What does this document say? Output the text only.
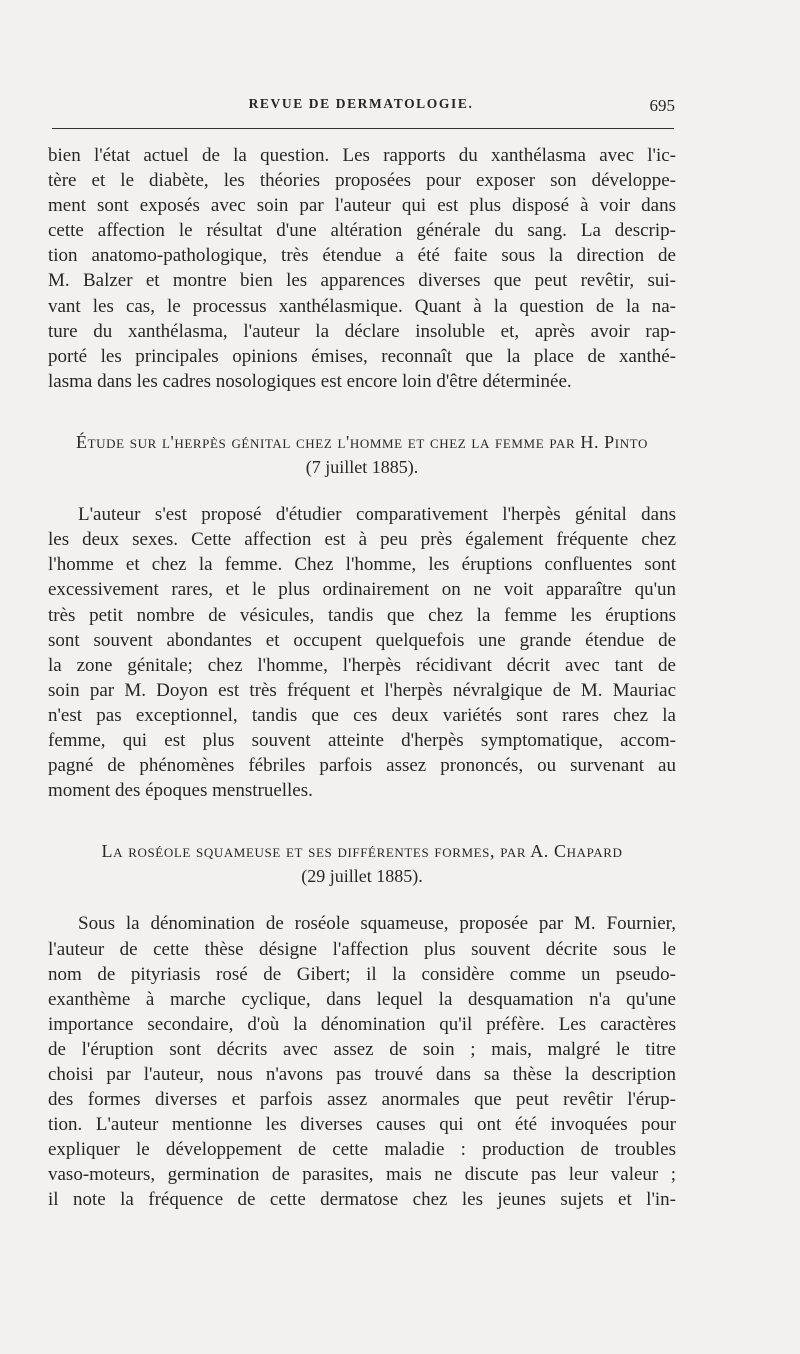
REVUE DE DERMATOLOGIE.	695
bien l'état actuel de la question. Les rapports du xanthélasma avec l'ic-
tère et le diabète, les théories proposées pour exposer son développe-
ment sont exposés avec soin par l'auteur qui est plus disposé à voir dans
cette affection le résultat d'une altération générale du sang. La descrip-
tion anatomo-pathologique, très étendue a été faite sous la direction de
M. Balzer et montre bien les apparences diverses que peut revêtir, sui-
vant les cas, le processus xanthélasmique. Quant à la question de la na-
ture du xanthélasma, l'auteur la déclare insoluble et, après avoir rap-
porté les principales opinions émises, reconnaît que la place de xanthé-
lasma dans les cadres nosologiques est encore loin d'être déterminée.
Étude sur l'herpès génital chez l'homme et chez la femme par H. Pinto
(7 juillet 1885).
L'auteur s'est proposé d'étudier comparativement l'herpès génital dans
les deux sexes. Cette affection est à peu près également fréquente chez
l'homme et chez la femme. Chez l'homme, les éruptions confluentes sont
excessivement rares, et le plus ordinairement on ne voit apparaître qu'un
très petit nombre de vésicules, tandis que chez la femme les éruptions
sont souvent abondantes et occupent quelquefois une grande étendue de
la zone génitale; chez l'homme, l'herpès récidivant décrit avec tant de
soin par M. Doyon est très fréquent et l'herpès névralgique de M. Mauriac
n'est pas exceptionnel, tandis que ces deux variétés sont rares chez la
femme, qui est plus souvent atteinte d'herpès symptomatique, accom-
pagné de phénomènes fébriles parfois assez prononcés, ou survenant au
moment des époques menstruelles.
La roséole squameuse et ses différentes formes, par A. Chapard
(29 juillet 1885).
Sous la dénomination de roséole squameuse, proposée par M. Fournier,
l'auteur de cette thèse désigne l'affection plus souvent décrite sous le
nom de pityriasis rosé de Gibert; il la considère comme un pseudo-
exanthème à marche cyclique, dans lequel la desquamation n'a qu'une
importance secondaire, d'où la dénomination qu'il préfère. Les caractères
de l'éruption sont décrits avec assez de soin ; mais, malgré le titre
choisi par l'auteur, nous n'avons pas trouvé dans sa thèse la description
des formes diverses et parfois assez anormales que peut revêtir l'érup-
tion. L'auteur mentionne les diverses causes qui ont été invoquées pour
expliquer le développement de cette maladie : production de troubles
vaso-moteurs, germination de parasites, mais ne discute pas leur valeur ;
il note la fréquence de cette dermatose chez les jeunes sujets et l'in-
